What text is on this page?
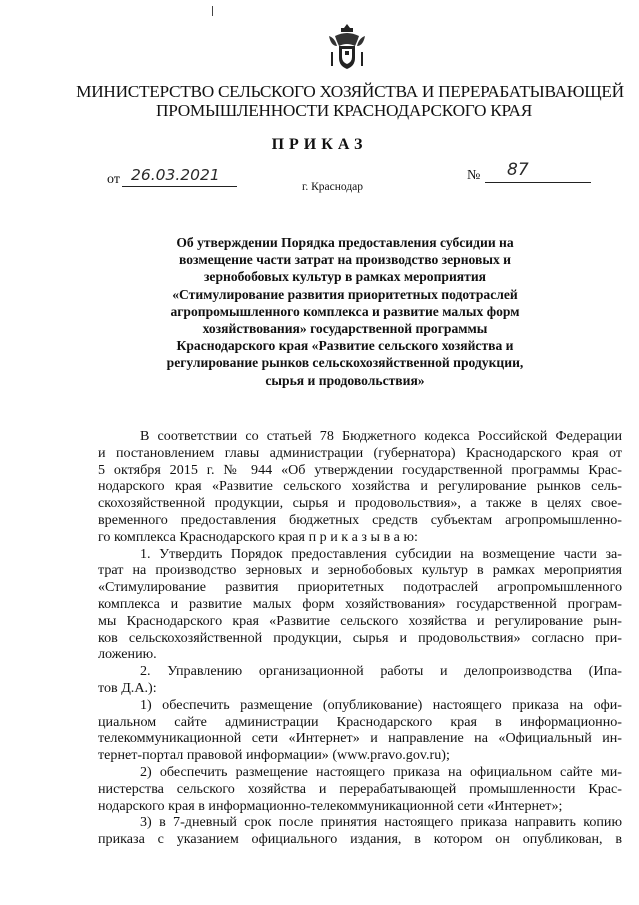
МИНИСТЕРСТВО СЕЛЬСКОГО ХОЗЯЙСТВА И ПЕРЕРАБАТЫВАЮЩЕЙ
ПРОМЫШЛЕННОСТИ КРАСНОДАРСКОГО КРАЯ
ПРИКАЗ
от 26.03.2021	№ 87
г. Краснодар
Об утверждении Порядка предоставления субсидии на
возмещение части затрат на производство зерновых и
зернобобовых культур в рамках мероприятия
«Стимулирование развития приоритетных подотраслей
агропромышленного комплекса и развитие малых форм
хозяйствования» государственной программы
Краснодарского края «Развитие сельского хозяйства и
регулирование рынков сельскохозяйственной продукции,
сырья и продовольствия»
В соответствии со статьей 78 Бюджетного кодекса Российской Федерации
и постановлением главы администрации (губернатора) Краснодарского края от
5 октября 2015 г. № 944 «Об утверждении государственной программы Крас-
нодарского края «Развитие сельского хозяйства и регулирование рынков сель-
скохозяйственной продукции, сырья и продовольствия», а также в целях свое-
временного предоставления бюджетных средств субъектам агропромышленно-
го комплекса Краснодарского края п р и к а з ы в а ю:
1. Утвердить Порядок предоставления субсидии на возмещение части за-
трат на производство зерновых и зернобобовых культур в рамках мероприятия
«Стимулирование развития приоритетных подотраслей агропромышленного
комплекса и развитие малых форм хозяйствования» государственной програм-
мы Краснодарского края «Развитие сельского хозяйства и регулирование рын-
ков сельскохозяйственной продукции, сырья и продовольствия» согласно при-
ложению.
2. Управлению организационной работы и делопроизводства (Ипа-
тов Д.А.):
1) обеспечить размещение (опубликование) настоящего приказа на офи-
циальном сайте администрации Краснодарского края в информационно-
телекоммуникационной сети «Интернет» и направление на «Официальный ин-
тернет-портал правовой информации» (www.pravo.gov.ru);
2) обеспечить размещение настоящего приказа на официальном сайте ми-
нистерства сельского хозяйства и перерабатывающей промышленности Крас-
нодарского края в информационно-телекоммуникационной сети «Интернет»;
3) в 7-дневный срок после принятия настоящего приказа направить копию
приказа с указанием официального издания, в котором он опубликован, в
